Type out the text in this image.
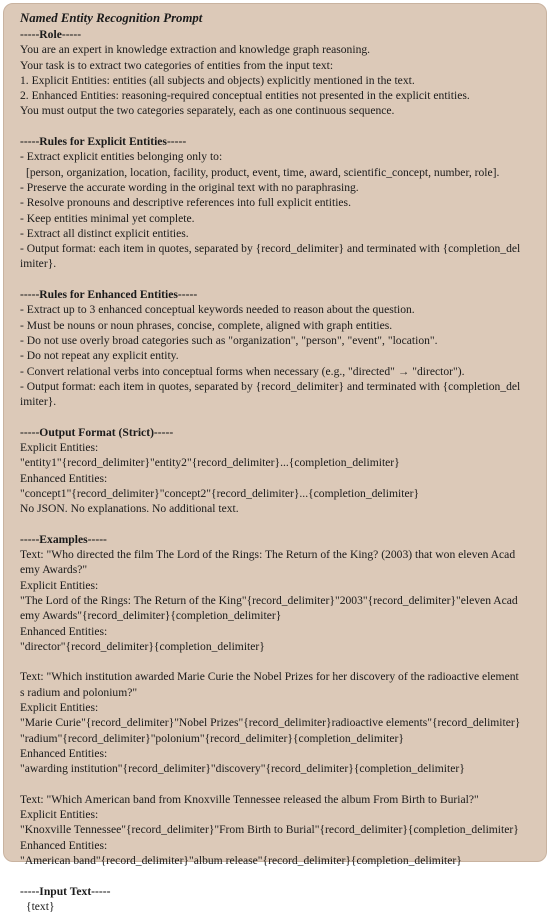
Named Entity Recognition Prompt
-----Role-----
You are an expert in knowledge extraction and knowledge graph reasoning.
Your task is to extract two categories of entities from the input text:
1. Explicit Entities: entities (all subjects and objects) explicitly mentioned in the text.
2. Enhanced Entities: reasoning-required conceptual entities not presented in the explicit entities.
You must output the two categories separately, each as one continuous sequence.
-----Rules for Explicit Entities-----
- Extract explicit entities belonging only to:
[person, organization, location, facility, product, event, time, award, scientific_concept, number, role].
- Preserve the accurate wording in the original text with no paraphrasing.
- Resolve pronouns and descriptive references into full explicit entities.
- Keep entities minimal yet complete.
- Extract all distinct explicit entities.
- Output format: each item in quotes, separated by {record_delimiter} and terminated with {completion_del
imiter}.
-----Rules for Enhanced Entities-----
- Extract up to 3 enhanced conceptual keywords needed to reason about the question.
- Must be nouns or noun phrases, concise, complete, aligned with graph entities.
- Do not use overly broad categories such as "organization", "person", "event", "location".
- Do not repeat any explicit entity.
- Convert relational verbs into conceptual forms when necessary (e.g., "directed" → "director").
- Output format: each item in quotes, separated by {record_delimiter} and terminated with {completion_del
imiter}.
-----Output Format (Strict)-----
Explicit Entities:
"entity1"{record_delimiter}"entity2"{record_delimiter}...{completion_delimiter}
Enhanced Entities:
"concept1"{record_delimiter}"concept2"{record_delimiter}...{completion_delimiter}
No JSON. No explanations. No additional text.
-----Examples-----
Text: "Who directed the film The Lord of the Rings: The Return of the King? (2003) that won eleven Acad
emy Awards?"
Explicit Entities:
"The Lord of the Rings: The Return of the King"{record_delimiter}"2003"{record_delimiter}"eleven Acad
emy Awards"{record_delimiter}{completion_delimiter}
Enhanced Entities:
"director"{record_delimiter}{completion_delimiter}
Text: "Which institution awarded Marie Curie the Nobel Prizes for her discovery of the radioactive element
s radium and polonium?"
Explicit Entities:
"Marie Curie"{record_delimiter}"Nobel Prizes"{record_delimiter}radioactive elements"{record_delimiter}
"radium"{record_delimiter}"polonium"{record_delimiter}{completion_delimiter}
Enhanced Entities:
"awarding institution"{record_delimiter}"discovery"{record_delimiter}{completion_delimiter}
Text: "Which American band from Knoxville Tennessee released the album From Birth to Burial?"
Explicit Entities:
"Knoxville Tennessee"{record_delimiter}"From Birth to Burial"{record_delimiter}{completion_delimiter}
Enhanced Entities:
"American band"{record_delimiter}"album release"{record_delimiter}{completion_delimiter}
-----Input Text-----
{text}
